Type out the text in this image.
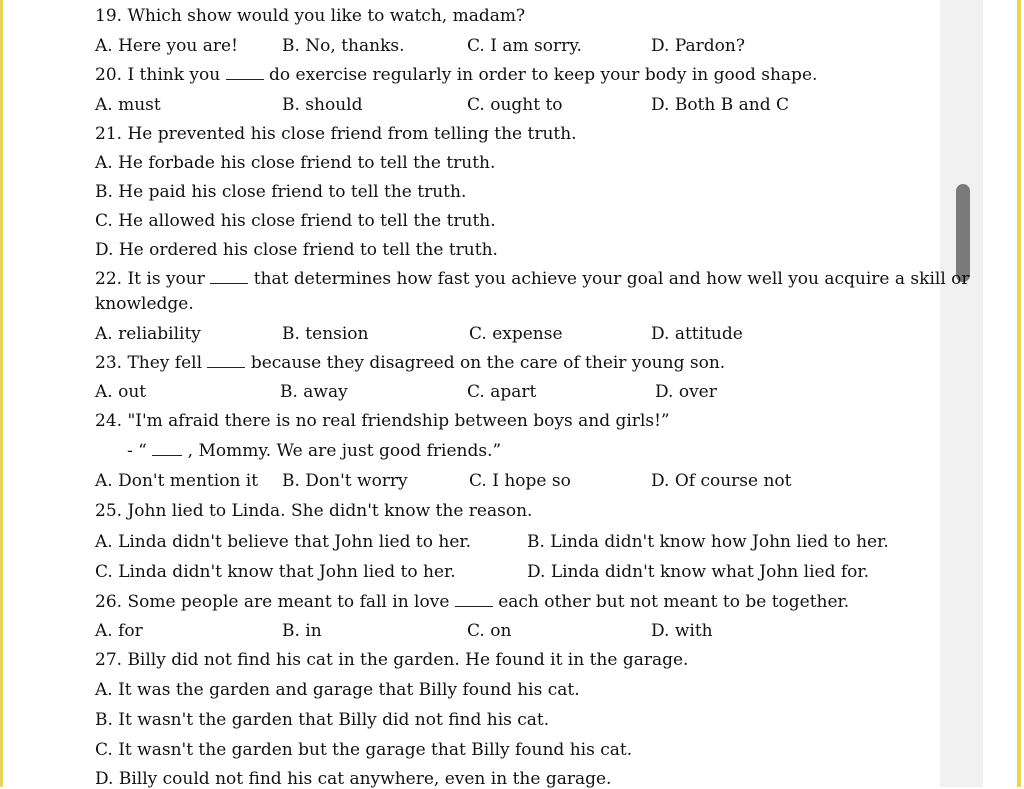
19. Which show would you like to watch, madam?
A. Here you are!	B. No, thanks.	C. I am sorry.	D. Pardon?
20. I think you	do exercise regularly in order to keep your body in good shape.
A. must	B. should	C. ought to	D. Both B and C
21. He prevented his close friend from telling the truth.
A. He forbade his close friend to tell the truth.
B. He paid his close friend to tell the truth.
C. He allowed his close friend to tell the truth.
D. He ordered his close friend to tell the truth.
22. It is your	that determines how fast you achieve your goal and how well you acquire a skill or
knowledge.
A. reliability	B. tension	C. expense	D. attitude
23. They fell	because they disagreed on the care of their young son.
A. out	B. away	C. apart	D. over
24. "I'm afraid there is no real friendship between boys and girls!”
- “ , Mommy. We are just good friends.”
A. Don't mention it B. Don't worry	C. I hope so	D. Of course not
25. John lied to Linda. She didn't know the reason.
A. Linda didn't believe that John lied to her.	B. Linda didn't know how John lied to her.
C. Linda didn't know that John lied to her.	D. Linda didn't know what John lied for.
26. Some people are meant to fall in love	each other but not meant to be together.
A. for	B. in	C. on	D. with
27. Billy did not find his cat in the garden. He found it in the garage.
A. It was the garden and garage that Billy found his cat.
B. It wasn't the garden that Billy did not find his cat.
C. It wasn't the garden but the garage that Billy found his cat.
D. Billy could not find his cat anywhere, even in the garage.
